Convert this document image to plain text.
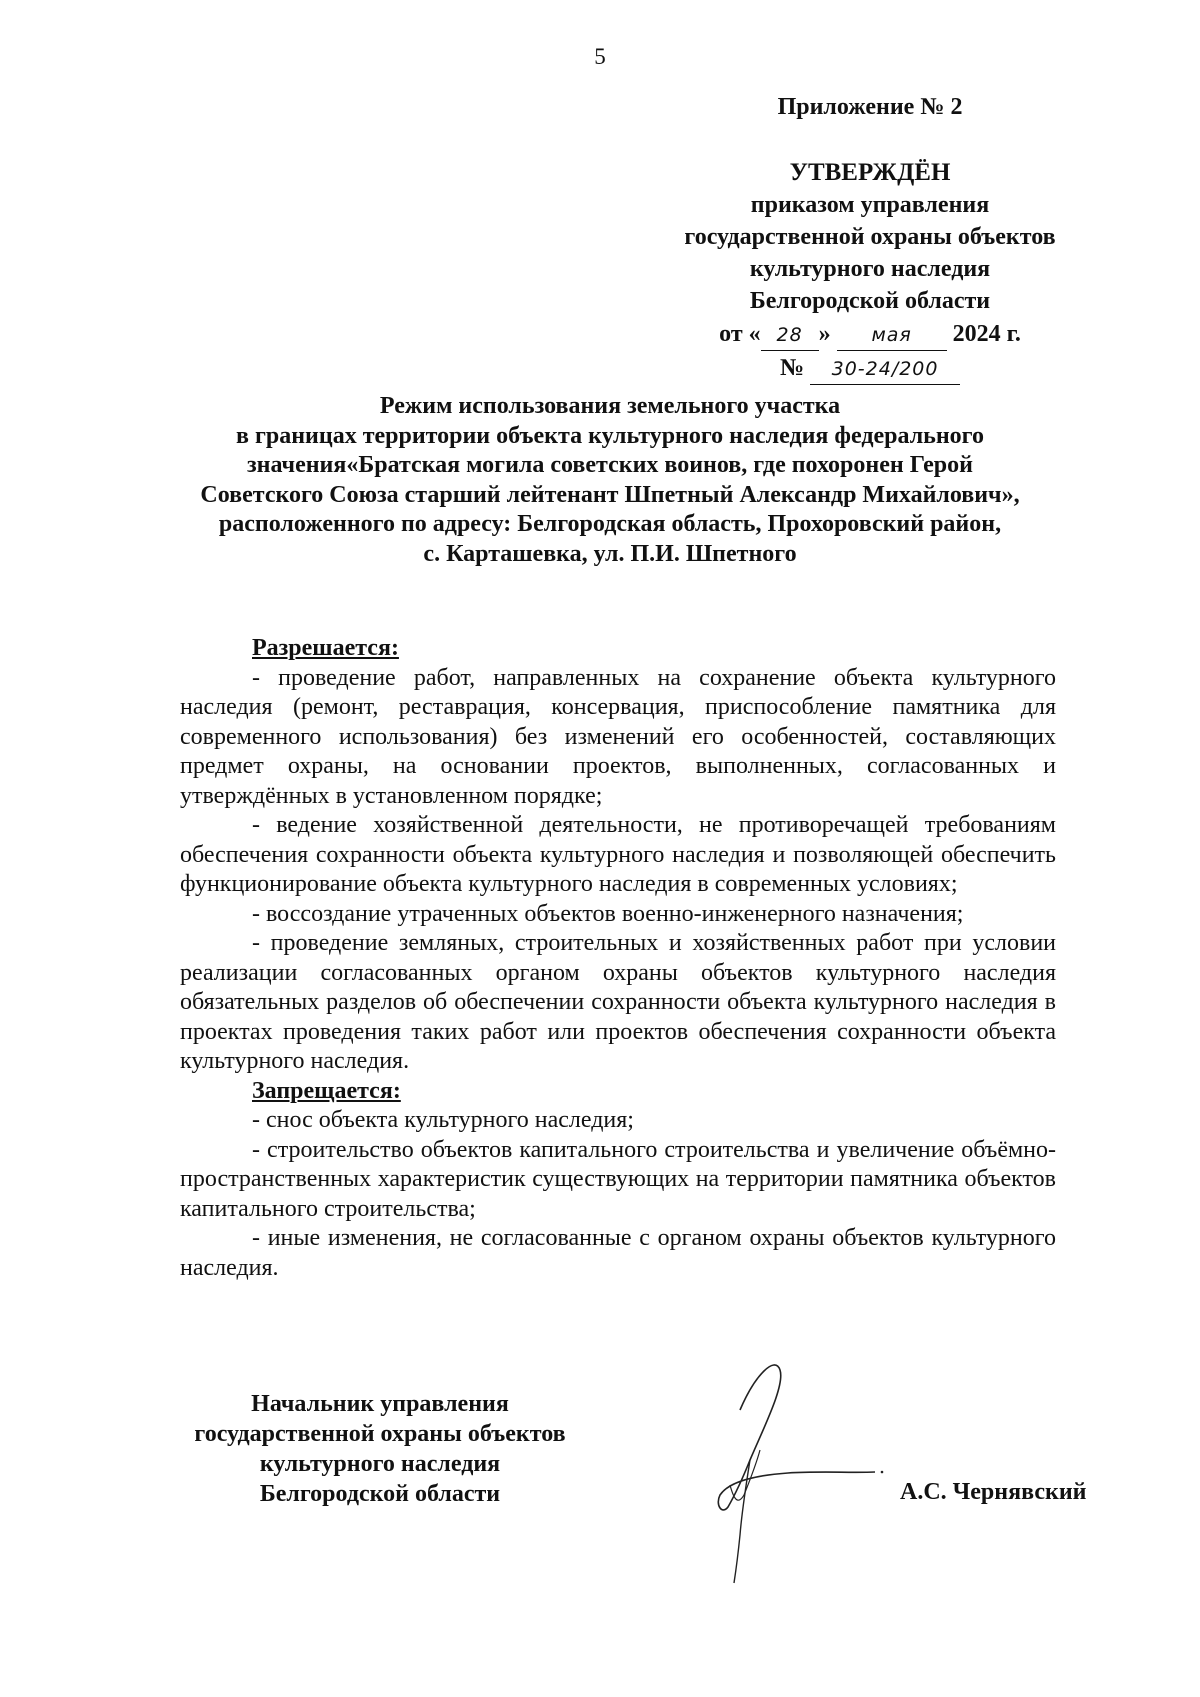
5
Приложение № 2
УТВЕРЖДЁН
приказом управления
государственной охраны объектов
культурного наследия
Белгородской области
от « 28 » мая 2024 г.
№ 30-24/200
Режим использования земельного участка
в границах территории объекта культурного наследия федерального
значения«Братская могила советских воинов, где похоронен Герой
Советского Союза старший лейтенант Шпетный Александр Михайлович»,
расположенного по адресу: Белгородская область, Прохоровский район,
с. Карташевка, ул. П.И. Шпетного
Разрешается:

- проведение работ, направленных на сохранение объекта культурного наследия (ремонт, реставрация, консервация, приспособление памятника для современного использования) без изменений его особенностей, составляющих предмет охраны, на основании проектов, выполненных, согласованных и утверждённых в установленном порядке;

- ведение хозяйственной деятельности, не противоречащей требованиям обеспечения сохранности объекта культурного наследия и позволяющей обеспечить функционирование объекта культурного наследия в современных условиях;

- воссоздание утраченных объектов военно-инженерного назначения;

- проведение земляных, строительных и хозяйственных работ при условии реализации согласованных органом охраны объектов культурного наследия обязательных разделов об обеспечении сохранности объекта культурного наследия в проектах проведения таких работ или проектов обеспечения сохранности объекта культурного наследия.

Запрещается:

- снос объекта культурного наследия;

- строительство объектов капитального строительства и увеличение объёмно-пространственных характеристик существующих на территории памятника объектов капитального строительства;

- иные изменения, не согласованные с органом охраны объектов культурного наследия.

Начальник управления
государственной охраны объектов
культурного наследия
Белгородской области	А.С. Чернявский
